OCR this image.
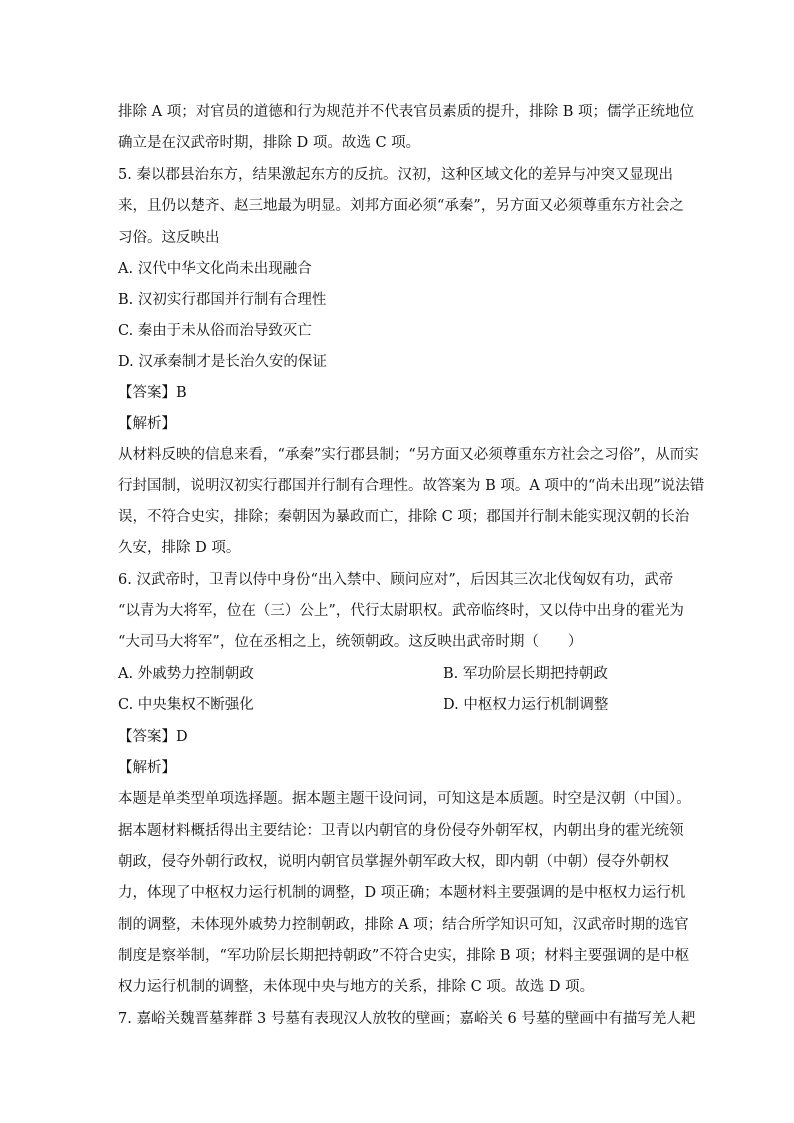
排除 A 项；对官员的道德和行为规范并不代表官员素质的提升，排除 B 项；儒学正统地位
确立是在汉武帝时期，排除 D 项。故选 C 项。
5. 秦以郡县治东方，结果激起东方的反抗。汉初，这种区域文化的差异与冲突又显现出
来，且仍以楚齐、赵三地最为明显。刘邦方面必须“承秦”，另方面又必须尊重东方社会之
习俗。这反映出
A. 汉代中华文化尚未出现融合
B. 汉初实行郡国并行制有合理性
C. 秦由于未从俗而治导致灭亡
D. 汉承秦制才是长治久安的保证
【答案】B
【解析】
从材料反映的信息来看，“承秦”实行郡县制；“另方面又必须尊重东方社会之习俗”，从而实
行封国制，说明汉初实行郡国并行制有合理性。故答案为 B 项。A 项中的“尚未出现”说法错
误，不符合史实，排除；秦朝因为暴政而亡，排除 C 项；郡国并行制未能实现汉朝的长治
久安，排除 D 项。
6. 汉武帝时，卫青以侍中身份“出入禁中、顾问应对”，后因其三次北伐匈奴有功，武帝
“以青为大将军，位在（三）公上”，代行太尉职权。武帝临终时，又以侍中出身的霍光为
“大司马大将军”，位在丞相之上，统领朝政。这反映出武帝时期（　　）
A. 外戚势力控制朝政	B. 军功阶层长期把持朝政
C. 中央集权不断强化	D. 中枢权力运行机制调整
【答案】D
【解析】
本题是单类型单项选择题。据本题主题干设问词，可知这是本质题。时空是汉朝（中国）。
据本题材料概括得出主要结论：卫青以内朝官的身份侵夺外朝军权，内朝出身的霍光统领
朝政，侵夺外朝行政权，说明内朝官员掌握外朝军政大权，即内朝（中朝）侵夺外朝权
力，体现了中枢权力运行机制的调整，D 项正确；本题材料主要强调的是中枢权力运行机
制的调整，未体现外戚势力控制朝政，排除 A 项；结合所学知识可知，汉武帝时期的选官
制度是察举制，“军功阶层长期把持朝政”不符合史实，排除 B 项；材料主要强调的是中枢
权力运行机制的调整，未体现中央与地方的关系，排除 C 项。故选 D 项。
7. 嘉峪关魏晋墓葬群 3 号墓有表现汉人放牧的壁画；嘉峪关 6 号墓的壁画中有描写羌人耙
